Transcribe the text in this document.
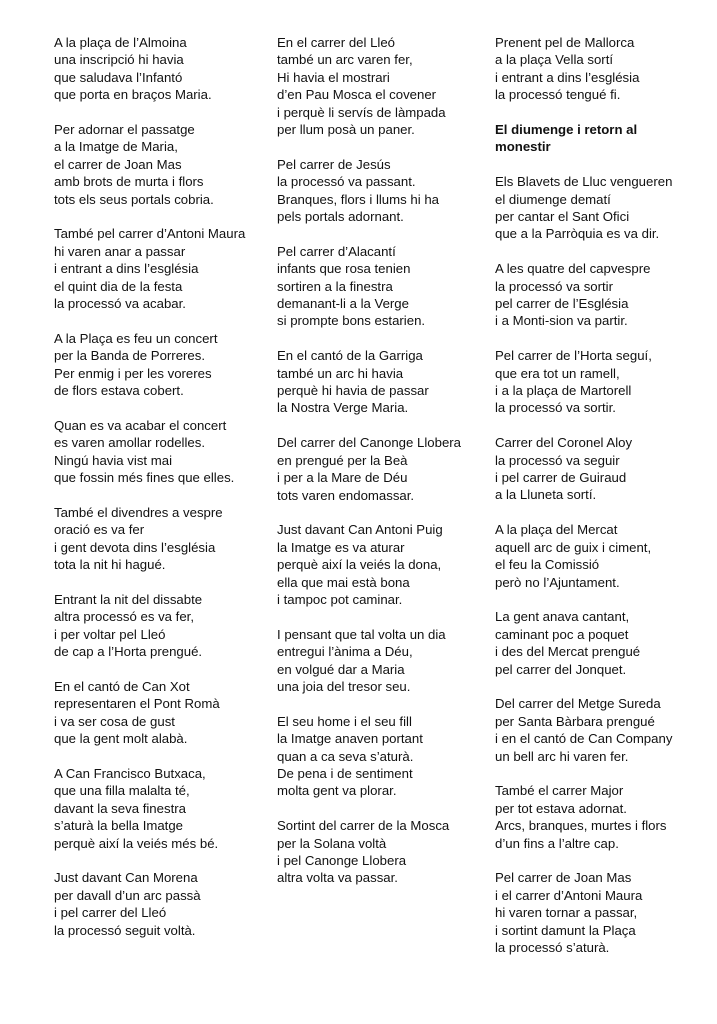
A la plaça de l’Almoina
una inscripció hi havia
que saludava l’Infantó
que porta en braços Maria.
Per adornar el passatge
a la Imatge de Maria,
el carrer de Joan Mas
amb brots de murta i flors
tots els seus portals cobria.
També pel carrer d’Antoni Maura
hi varen anar a passar
i entrant a dins l’església
el quint dia de la festa
la processó va acabar.
A la Plaça es feu un concert
per la Banda de Porreres.
Per enmig i per les voreres
de flors estava cobert.
Quan es va acabar el concert
es varen amollar rodelles.
Ningú havia vist mai
que fossin més fines que elles.
També el divendres a vespre
oració es va fer
i gent devota dins l’església
tota la nit hi hagué.
Entrant la nit del dissabte
altra processó es va fer,
i per voltar pel Lleó
de cap a l’Horta prengué.
En el cantó de Can Xot
representaren el Pont Romà
i va ser cosa de gust
que la gent molt alabà.
A Can Francisco Butxaca,
que una filla malalta té,
davant la seva finestra
s’aturà la bella Imatge
perquè així la veiés més bé.
Just davant Can Morena
per davall d’un arc passà
i pel carrer del Lleó
la processó seguit voltà.
En el carrer del Lleó
també un arc varen fer,
Hi havia el mostrari
d’en Pau Mosca el covener
i perquè li servís de làmpada
per llum posà un paner.
Pel carrer de Jesús
la processó va passant.
Branques, flors i llums hi ha
pels portals adornant.
Pel carrer d’Alacantí
infants que rosa tenien
sortiren a la finestra
demanant-li a la Verge
si prompte bons estarien.
En el cantó de la Garriga
també un arc hi havia
perquè hi havia de passar
la Nostra Verge Maria.
Del carrer del Canonge Llobera
en prengué per la Beà
i per a la Mare de Déu
tots varen endomassar.
Just davant Can Antoni Puig
la Imatge es va aturar
perquè així la veiés la dona,
ella que mai està bona
i tampoc pot caminar.
I pensant que tal volta un dia
entregui l’ànima a Déu,
en volgué dar a Maria
una joia del tresor seu.
El seu home i el seu fill
la Imatge anaven portant
quan a ca seva s’aturà.
De pena i de sentiment
molta gent va plorar.
Sortint del carrer de la Mosca
per la Solana voltà
i pel Canonge Llobera
altra volta va passar.
Prenent pel de Mallorca
a la plaça Vella sortí
i entrant a dins l’església
la processó tengué fi.
El diumenge i retorn al
monestir
Els Blavets de Lluc vengueren
el diumenge dematí
per cantar el Sant Ofici
que a la Parròquia es va dir.
A les quatre del capvespre
la processó va sortir
pel carrer de l’Església
i a Monti-sion va partir.
Pel carrer de l’Horta seguí,
que era tot un ramell,
i a la plaça de Martorell
la processó va sortir.
Carrer del Coronel Aloy
la processó va seguir
i pel carrer de Guiraud
a la Lluneta sortí.
A la plaça del Mercat
aquell arc de guix i ciment,
el feu la Comissió
però no l’Ajuntament.
La gent anava cantant,
caminant poc a poquet
i des del Mercat prengué
pel carrer del Jonquet.
Del carrer del Metge Sureda
per Santa Bàrbara prengué
i en el cantó de Can Company
un bell arc hi varen fer.
També el carrer Major
per tot estava adornat.
Arcs, branques, murtes i flors
d’un fins a l’altre cap.
Pel carrer de Joan Mas
i el carrer d’Antoni Maura
hi varen tornar a passar,
i sortint damunt la Plaça
la processó s’aturà.
